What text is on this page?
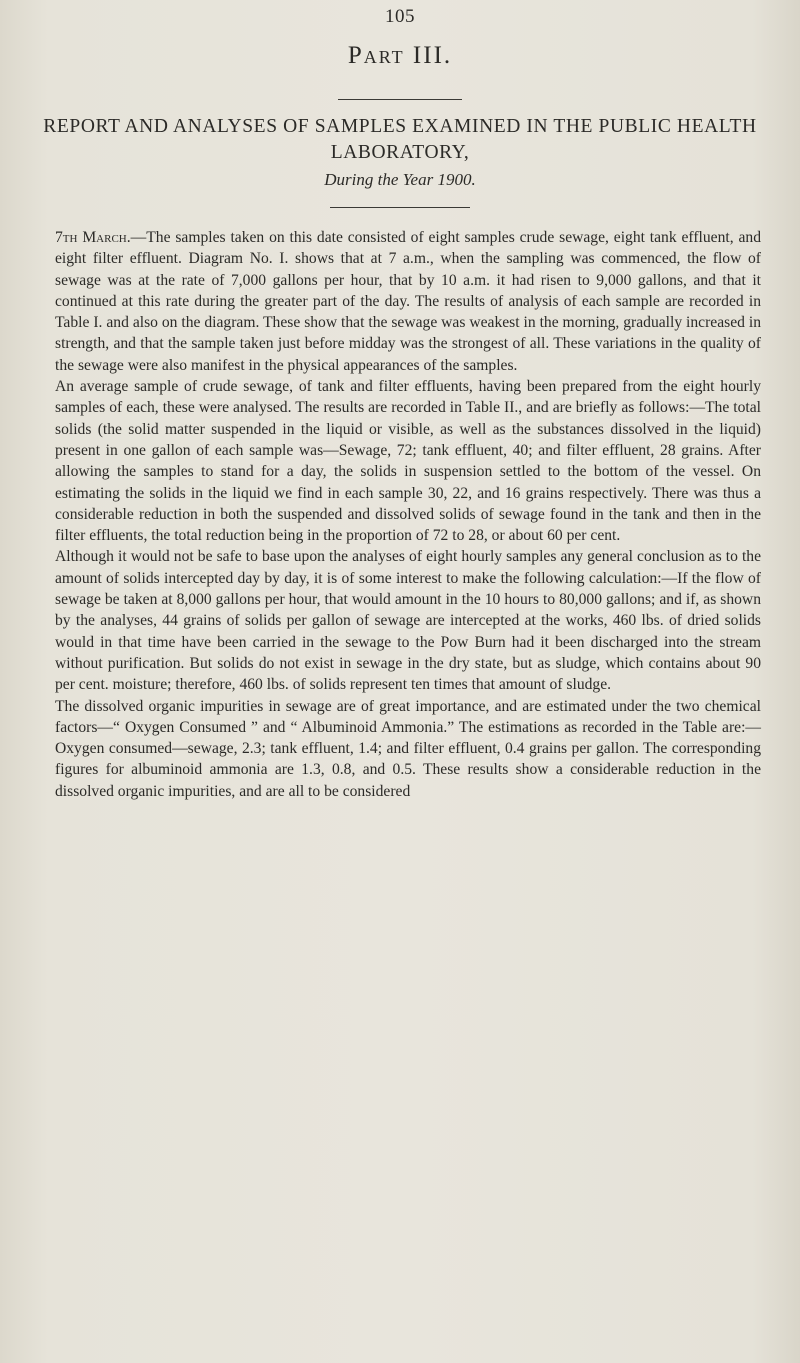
105
Part III.
REPORT AND ANALYSES OF SAMPLES EXAMINED IN THE PUBLIC HEALTH LABORATORY,
During the Year 1900.

7th March.—The samples taken on this date consisted of eight samples crude sewage, eight tank effluent, and eight filter effluent. Diagram No. I. shows that at 7 a.m., when the sampling was commenced, the flow of sewage was at the rate of 7,000 gallons per hour, that by 10 a.m. it had risen to 9,000 gallons, and that it continued at this rate during the greater part of the day. The results of analysis of each sample are recorded in Table I. and also on the diagram. These show that the sewage was weakest in the morning, gradually increased in strength, and that the sample taken just before midday was the strongest of all. These variations in the quality of the sewage were also manifest in the physical appearances of the samples.

An average sample of crude sewage, of tank and filter effluents, having been prepared from the eight hourly samples of each, these were analysed. The results are recorded in Table II., and are briefly as follows:—The total solids (the solid matter suspended in the liquid or visible, as well as the substances dissolved in the liquid) present in one gallon of each sample was—Sewage, 72; tank effluent, 40; and filter effluent, 28 grains. After allowing the samples to stand for a day, the solids in suspension settled to the bottom of the vessel. On estimating the solids in the liquid we find in each sample 30, 22, and 16 grains respectively. There was thus a considerable reduction in both the suspended and dissolved solids of sewage found in the tank and then in the filter effluents, the total reduction being in the proportion of 72 to 28, or about 60 per cent.

Although it would not be safe to base upon the analyses of eight hourly samples any general conclusion as to the amount of solids intercepted day by day, it is of some interest to make the following calculation:—If the flow of sewage be taken at 8,000 gallons per hour, that would amount in the 10 hours to 80,000 gallons; and if, as shown by the analyses, 44 grains of solids per gallon of sewage are intercepted at the works, 460 lbs. of dried solids would in that time have been carried in the sewage to the Pow Burn had it been discharged into the stream without purification. But solids do not exist in sewage in the dry state, but as sludge, which contains about 90 per cent. moisture; therefore, 460 lbs. of solids represent ten times that amount of sludge.

The dissolved organic impurities in sewage are of great importance, and are estimated under the two chemical factors—“ Oxygen Consumed ” and “ Albuminoid Ammonia.” The estimations as recorded in the Table are:—Oxygen consumed—sewage, 2.3; tank effluent, 1.4; and filter effluent, 0.4 grains per gallon. The corresponding figures for albuminoid ammonia are 1.3, 0.8, and 0.5. These results show a considerable reduction in the dissolved organic impurities, and are all to be considered
